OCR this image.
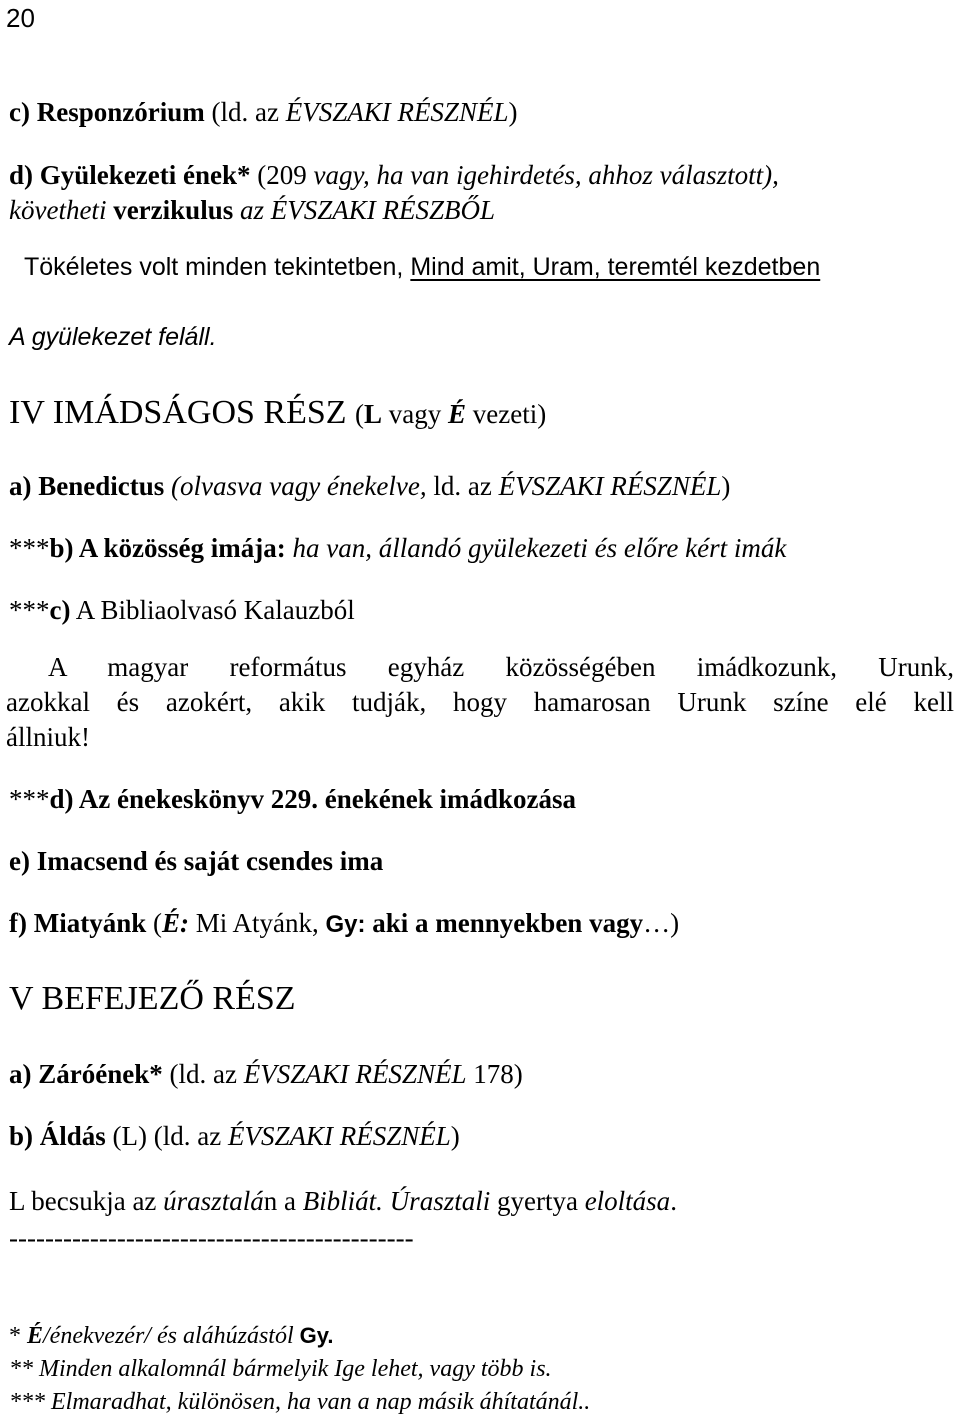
20
c) Responzórium (ld. az ÉVSZAKI RÉSZNÉL)
d) Gyülekezeti ének* (209 vagy, ha van igehirdetés, ahhoz választott),
követheti verzikulus az ÉVSZAKI RÉSZBŐL
Tökéletes volt minden tekintetben, Mind amit, Uram, teremtél kezdetben
A gyülekezet feláll.
IV IMÁDSÁGOS RÉSZ (L vagy É vezeti)
a) Benedictus (olvasva vagy énekelve, ld. az ÉVSZAKI RÉSZNÉL)
***b) A közösség imája: ha van, állandó gyülekezeti és előre kért imák
***c) A Bibliaolvasó Kalauzból
A magyar református egyház közösségében imádkozunk, Urunk,
azokkal és azokért, akik tudják, hogy hamarosan Urunk színe elé kell
állniuk!
***d) Az énekeskönyv 229. énekének imádkozása
e) Imacsend és saját csendes ima
f) Miatyánk (É: Mi Atyánk, Gy: aki a mennyekben vagy…)
V BEFEJEZŐ RÉSZ
a) Záróének* (ld. az ÉVSZAKI RÉSZNÉL 178)
b) Áldás (L) (ld. az ÉVSZAKI RÉSZNÉL)
L becsukja az úrasztalán a Bibliát. Úrasztali gyertya eloltása.
---------------------------------------------
* É/énekvezér/ és aláhúzástól Gy.
** Minden alkalomnál bármelyik Ige lehet, vagy több is.
*** Elmaradhat, különösen, ha van a nap másik áhítatánál..
